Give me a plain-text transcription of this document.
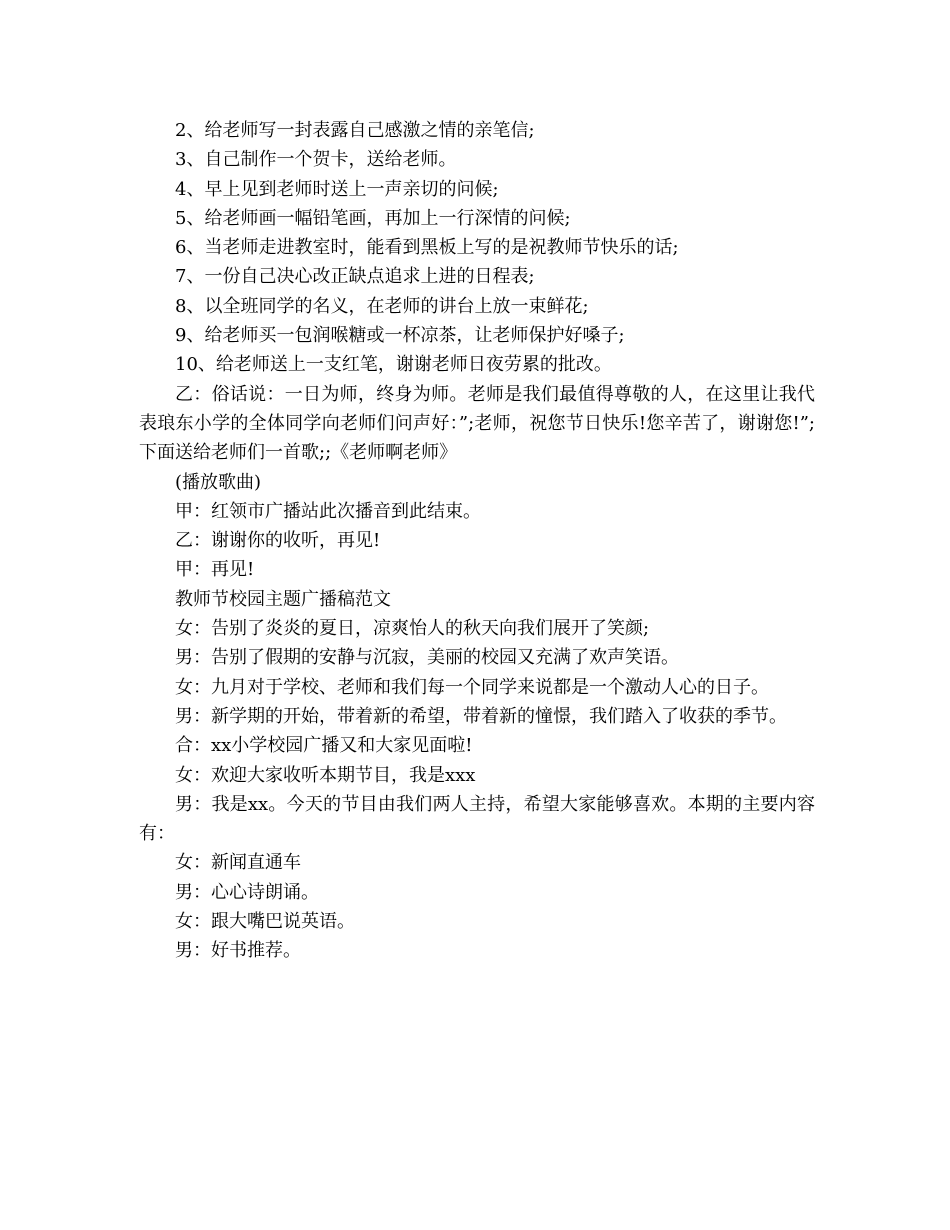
2、给老师写一封表露自己感激之情的亲笔信;

3、自己制作一个贺卡，送给老师。

4、早上见到老师时送上一声亲切的问候;

5、给老师画一幅铅笔画，再加上一行深情的问候;

6、当老师走进教室时，能看到黑板上写的是祝教师节快乐的话;

7、一份自己决心改正缺点追求上进的日程表;

8、以全班同学的名义，在老师的讲台上放一束鲜花;

9、给老师买一包润喉糖或一杯凉茶，让老师保护好嗓子;

10、给老师送上一支红笔，谢谢老师日夜劳累的批改。

乙：俗话说：一日为师，终身为师。老师是我们最值得尊敬的人，在这里让我代表琅东小学的全体同学向老师们问声好：”;老师，祝您节日快乐!您辛苦了，谢谢您!”;下面送给老师们一首歌;;《老师啊老师》

(播放歌曲)

甲：红领市广播站此次播音到此结束。

乙：谢谢你的收听，再见!

甲：再见!

教师节校园主题广播稿范文

女：告别了炎炎的夏日，凉爽怡人的秋天向我们展开了笑颜;

男：告别了假期的安静与沉寂，美丽的校园又充满了欢声笑语。

女：九月对于学校、老师和我们每一个同学来说都是一个激动人心的日子。

男：新学期的开始，带着新的希望，带着新的憧憬，我们踏入了收获的季节。

合：xx小学校园广播又和大家见面啦!

女：欢迎大家收听本期节目，我是xxx

男：我是xx。今天的节目由我们两人主持，希望大家能够喜欢。本期的主要内容有：

女：新闻直通车

男：心心诗朗诵。

女：跟大嘴巴说英语。

男：好书推荐。
